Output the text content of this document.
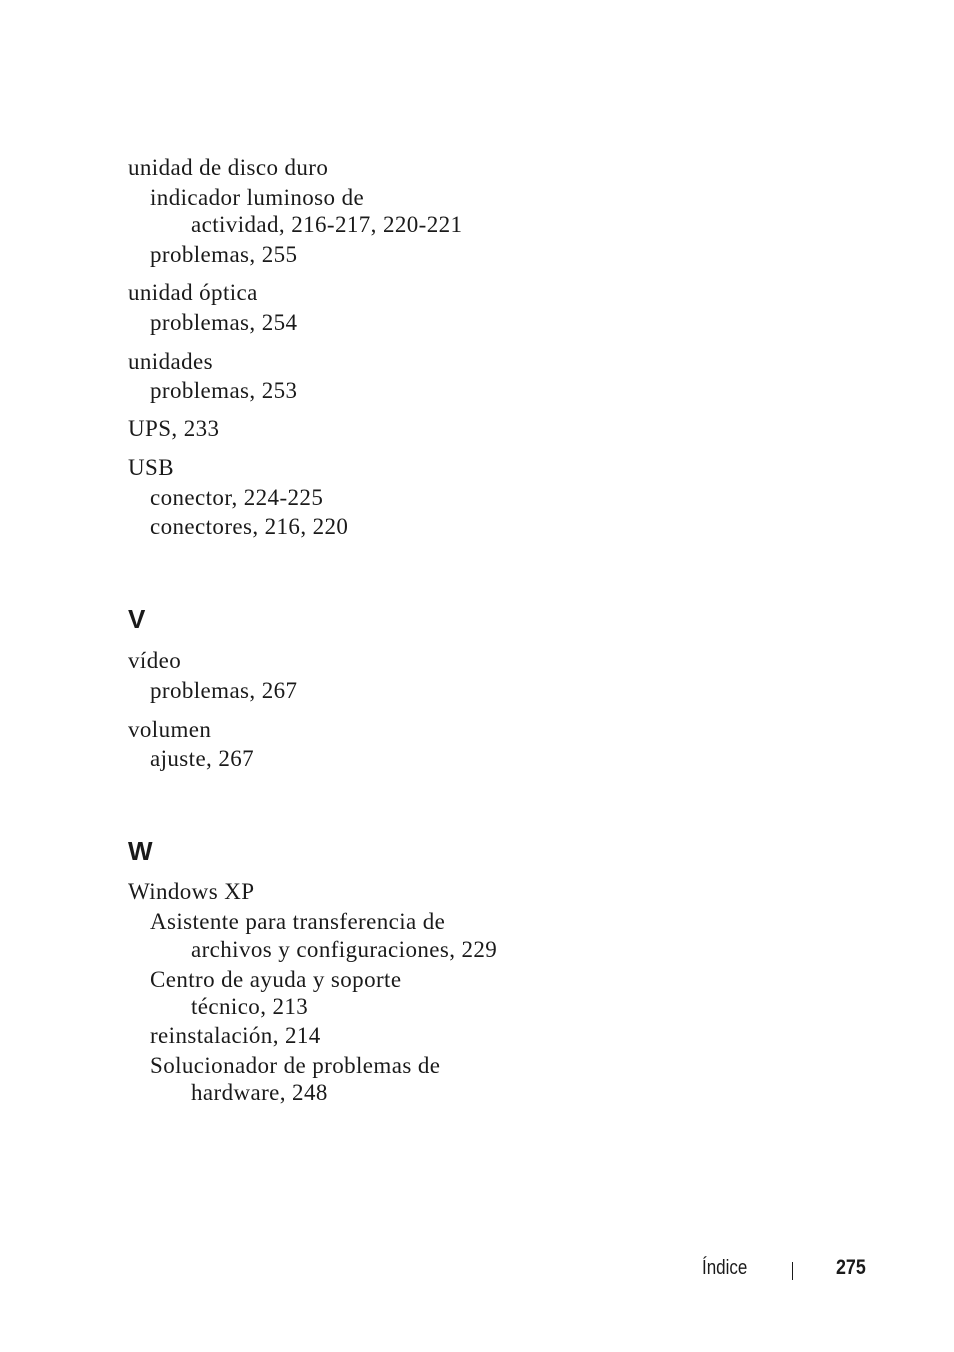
unidad de disco duro
indicador luminoso de
actividad, 216-217, 220-221
problemas, 255
unidad óptica
problemas, 254
unidades
problemas, 253
UPS, 233
USB
conector, 224-225
conectores, 216, 220
V
vídeo
problemas, 267
volumen
ajuste, 267
W
Windows XP
Asistente para transferencia de
archivos y configuraciones, 229
Centro de ayuda y soporte
técnico, 213
reinstalación, 214
Solucionador de problemas de
hardware, 248
Índice	275
